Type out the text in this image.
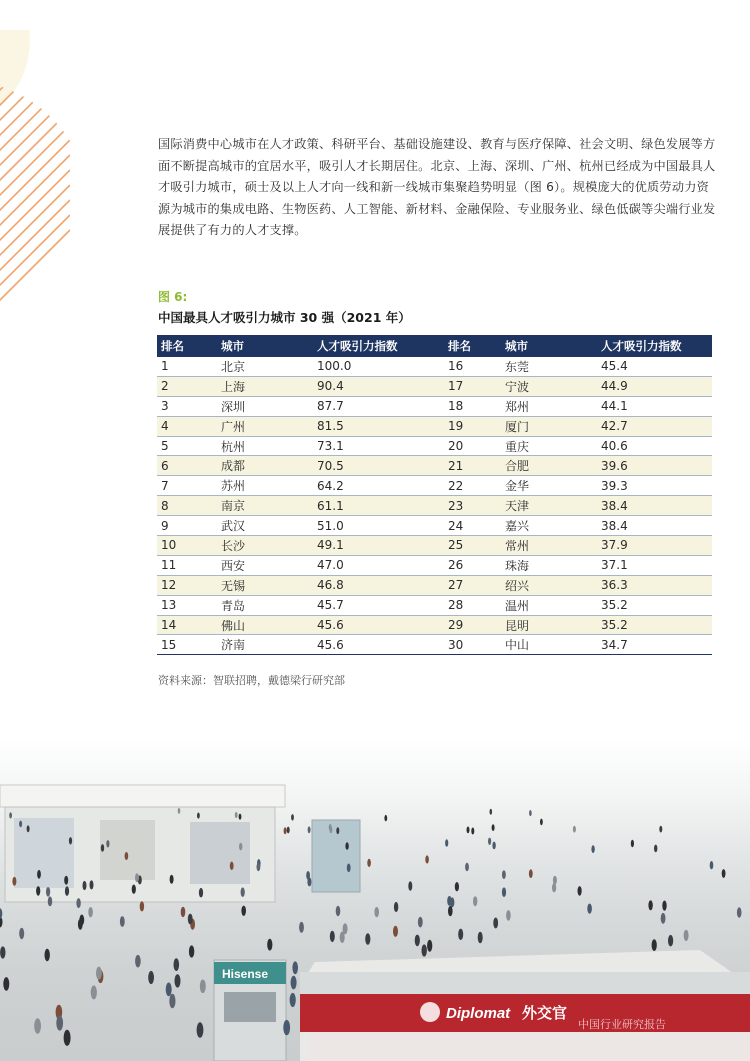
国际消费中心城市在人才政策、科研平台、基础设施建设、教育与医疗保障、社会文明、绿色发展等方面不断提高城市的宜居水平，吸引人才长期居住。北京、上海、深圳、广州、杭州已经成为中国最具人才吸引力城市，硕士及以上人才向一线和新一线城市集聚趋势明显（图 6）。规模庞大的优质劳动力资源为城市的集成电路、生物医药、人工智能、新材料、金融保险、专业服务业、绿色低碳等尖端行业发展提供了有力的人才支撑。

图 6:
中国最具人才吸引力城市 30 强（2021 年）
排名	城市	人才吸引力指数	排名	城市	人才吸引力指数
1	北京	100.0	16	东莞	45.4
2	上海	90.4	17	宁波	44.9
3	深圳	87.7	18	郑州	44.1
4	广州	81.5	19	厦门	42.7
5	杭州	73.1	20	重庆	40.6
6	成都	70.5	21	合肥	39.6
7	苏州	64.2	22	金华	39.3
8	南京	61.1	23	天津	38.4
9	武汉	51.0	24	嘉兴	38.4
10	长沙	49.1	25	常州	37.9
11	西安	47.0	26	珠海	37.1
12	无锡	46.8	27	绍兴	36.3
13	青岛	45.7	28	温州	35.2
14	佛山	45.6	29	昆明	35.2
15	济南	45.6	30	中山	34.7
资料来源：智联招聘，戴德梁行研究部
Hisense
Diplomat 外交官
中国行业研究报告
